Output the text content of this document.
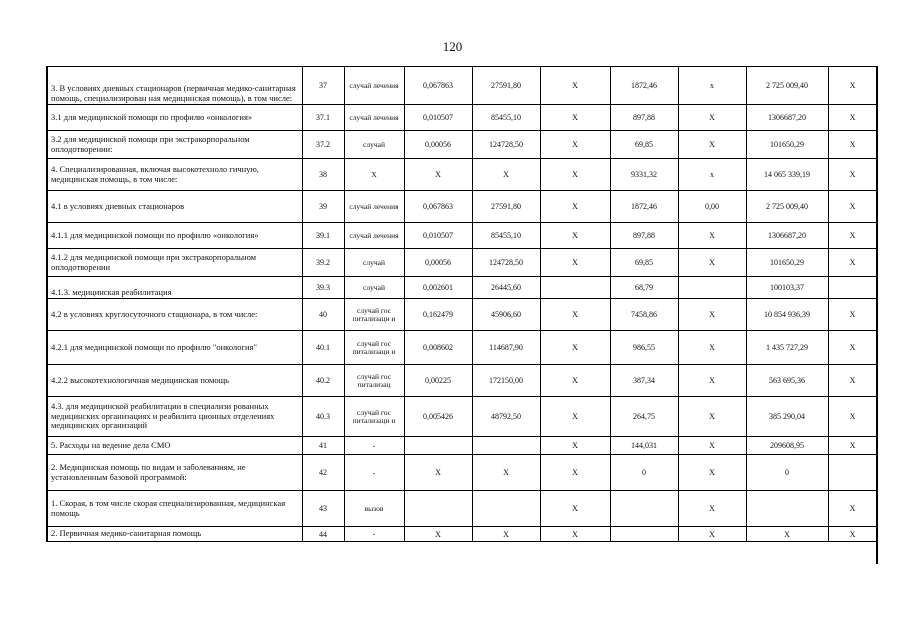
120
3. В условиях дневных стационаров (первичная медико-санитарная помощь, специализирован ная медицинская помощь), в том числе:	37	случай лечения	0,067863	27591,80	X	1872,46	x	2 725 009,40	X
3.1 для медицинской помощи по профилю «онкология»	37.1	случай лечения	0,010507	85455,10	X	897,88	X	1306687,20	X
3.2 для медицинской помощи при экстракорпоральном оплодотворении:	37.2	случай	0,00056	124728,50	X	69,85	X	101650,29	X
4. Специализированная, включая высокотехноло гичную, медицинская помощь, в том числе:	38	X	X	X	X	9331,32	x	14 065 339,19	X
4.1 в условиях дневных стационаров	39	случай лечения	0,067863	27591,80	X	1872,46	0,00	2 725 009,40	X
4.1.1 для медицинской помощи по профилю «онкология»	39.1	случай лечения	0,010507	85455,10	X	897,88	X	1306687,20	X
4.1.2 для медицинской помощи при экстракорпоральном оплодотворении	39.2	случай	0,00056	124728,50	X	69,85	X	101650,29	X
4.1.3. медицинская реабилитация	39.3	случай	0,002601	26445,60		68,79		100103,37	
4.2 в условиях круглосуточного стационара, в том числе:	40	случай гос питализаци и	0,162479	45906,60	X	7458,86	X	10 854 936,39	X
4.2.1 для медицинской помощи по профилю "онкология"	40.1	случай гос питализаци и	0,008602	114687,90	X	986,55	X	1 435 727,29	X
4.2.2 высокотехнологичная медицинская помощь	40.2	случай гос питализац	0,00225	172150,00	X	387,34	X	563 695,36	X
4.3. для медицинской реабилитации в специализи рованных медицинских организациях и реабилита ционных отделениях медицинских организаций	40.3	случай гос питализаци и	0,005426	48792,50	X	264,75	X	385 290,04	X
5. Расходы на ведение дела СМО	41	-			X	144,031	X	209608,95	X
2. Медицинская помощь по видам и заболеваниям, не установленным базовой программой:	42	-	X	X	X	0	X	0	
1. Скорая, в том числе скорая специализированная, медицинская помощь	43	вызов			X		X		X
2. Первичная медико-санитарная помощь	44	-	X	X	X		X	X	X
